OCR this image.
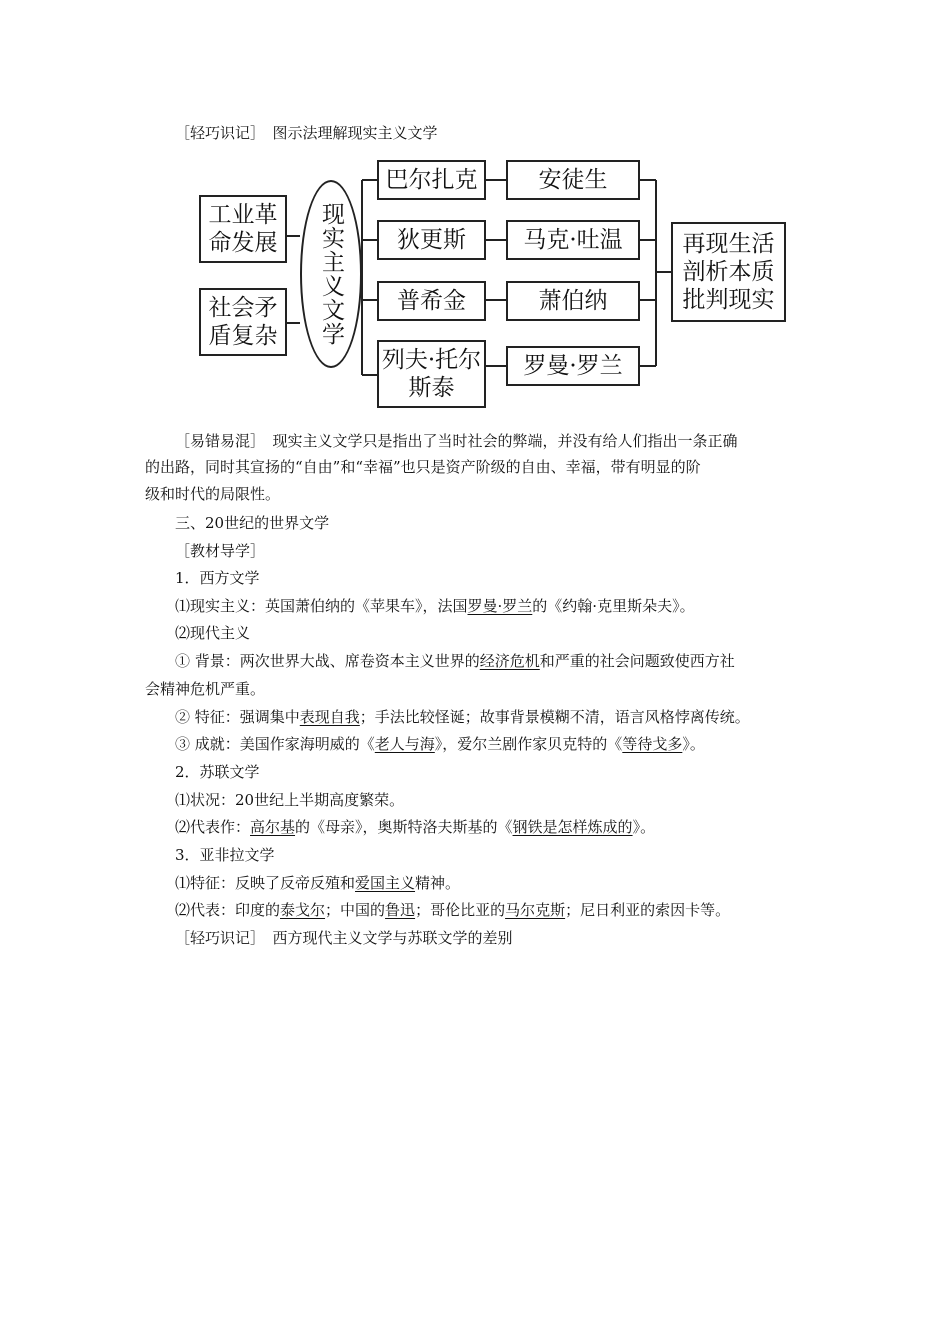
［轻巧识记］　 图示法理解现实主义文学
工业革命发展
社会矛盾复杂	现实主义文学
巴尔扎克	安徒生
狄更斯 马克·吐温
普希金	萧伯纳
列夫·托尔斯泰
罗曼·罗兰
再现生活剖析本质批判现实
［易错易混］　 现实主义文学只是指出了当时社会的弊端，并没有给人们指出一条正确
的出路，同时其宣扬的“自由”和“幸福”也只是资产阶级的自由、幸福，带有明显的阶
级和时代的局限性。
三、20世纪的世界文学
［教材导学］
1．西方文学
⑴现实主义：英国萧伯纳的《苹果车》，法国罗曼·罗兰的《约翰·克里斯朵夫》。
⑵现代主义
① 背景：两次世界大战、席卷资本主义世界的经济危机和严重的社会问题致使西方社
会精神危机严重。
② 特征：强调集中表现自我；手法比较怪诞；故事背景模糊不清，语言风格悖离传统。
③ 成就：美国作家海明威的《老人与海》，爱尔兰剧作家贝克特的《等待戈多》。
2．苏联文学
⑴状况：20世纪上半期高度繁荣。
⑵代表作：高尔基的《母亲》，奥斯特洛夫斯基的《钢铁是怎样炼成的》。
3．亚非拉文学
⑴特征：反映了反帝反殖和爱国主义精神。
⑵代表：印度的泰戈尔；中国的鲁迅；哥伦比亚的马尔克斯；尼日利亚的索因卡等。
［轻巧识记］　 西方现代主义文学与苏联文学的差别
